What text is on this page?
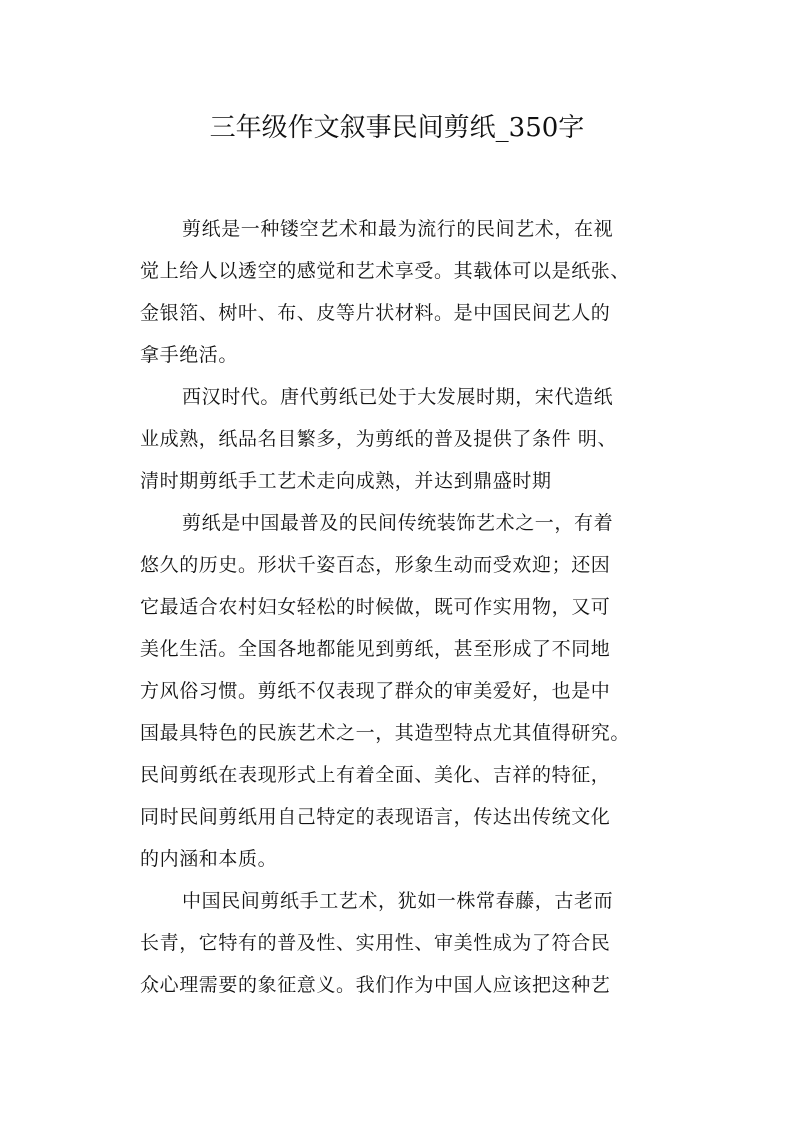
三年级作文叙事民间剪纸_350字

剪纸是一种镂空艺术和最为流行的民间艺术，在视
觉上给人以透空的感觉和艺术享受。其载体可以是纸张、
金银箔、树叶、布、皮等片状材料。是中国民间艺人的
拿手绝活。

西汉时代。唐代剪纸已处于大发展时期，宋代造纸
业成熟，纸品名目繁多，为剪纸的普及提供了条件 明、
清时期剪纸手工艺术走向成熟，并达到鼎盛时期

剪纸是中国最普及的民间传统装饰艺术之一，有着
悠久的历史。形状千姿百态，形象生动而受欢迎；还因
它最适合农村妇女轻松的时候做，既可作实用物，又可
美化生活。全国各地都能见到剪纸，甚至形成了不同地
方风俗习惯。剪纸不仅表现了群众的审美爱好，也是中
国最具特色的民族艺术之一，其造型特点尤其值得研究。
民间剪纸在表现形式上有着全面、美化、吉祥的特征，
同时民间剪纸用自己特定的表现语言，传达出传统文化
的内涵和本质。

中国民间剪纸手工艺术，犹如一株常春藤，古老而
长青，它特有的普及性、实用性、审美性成为了符合民
众心理需要的象征意义。我们作为中国人应该把这种艺
